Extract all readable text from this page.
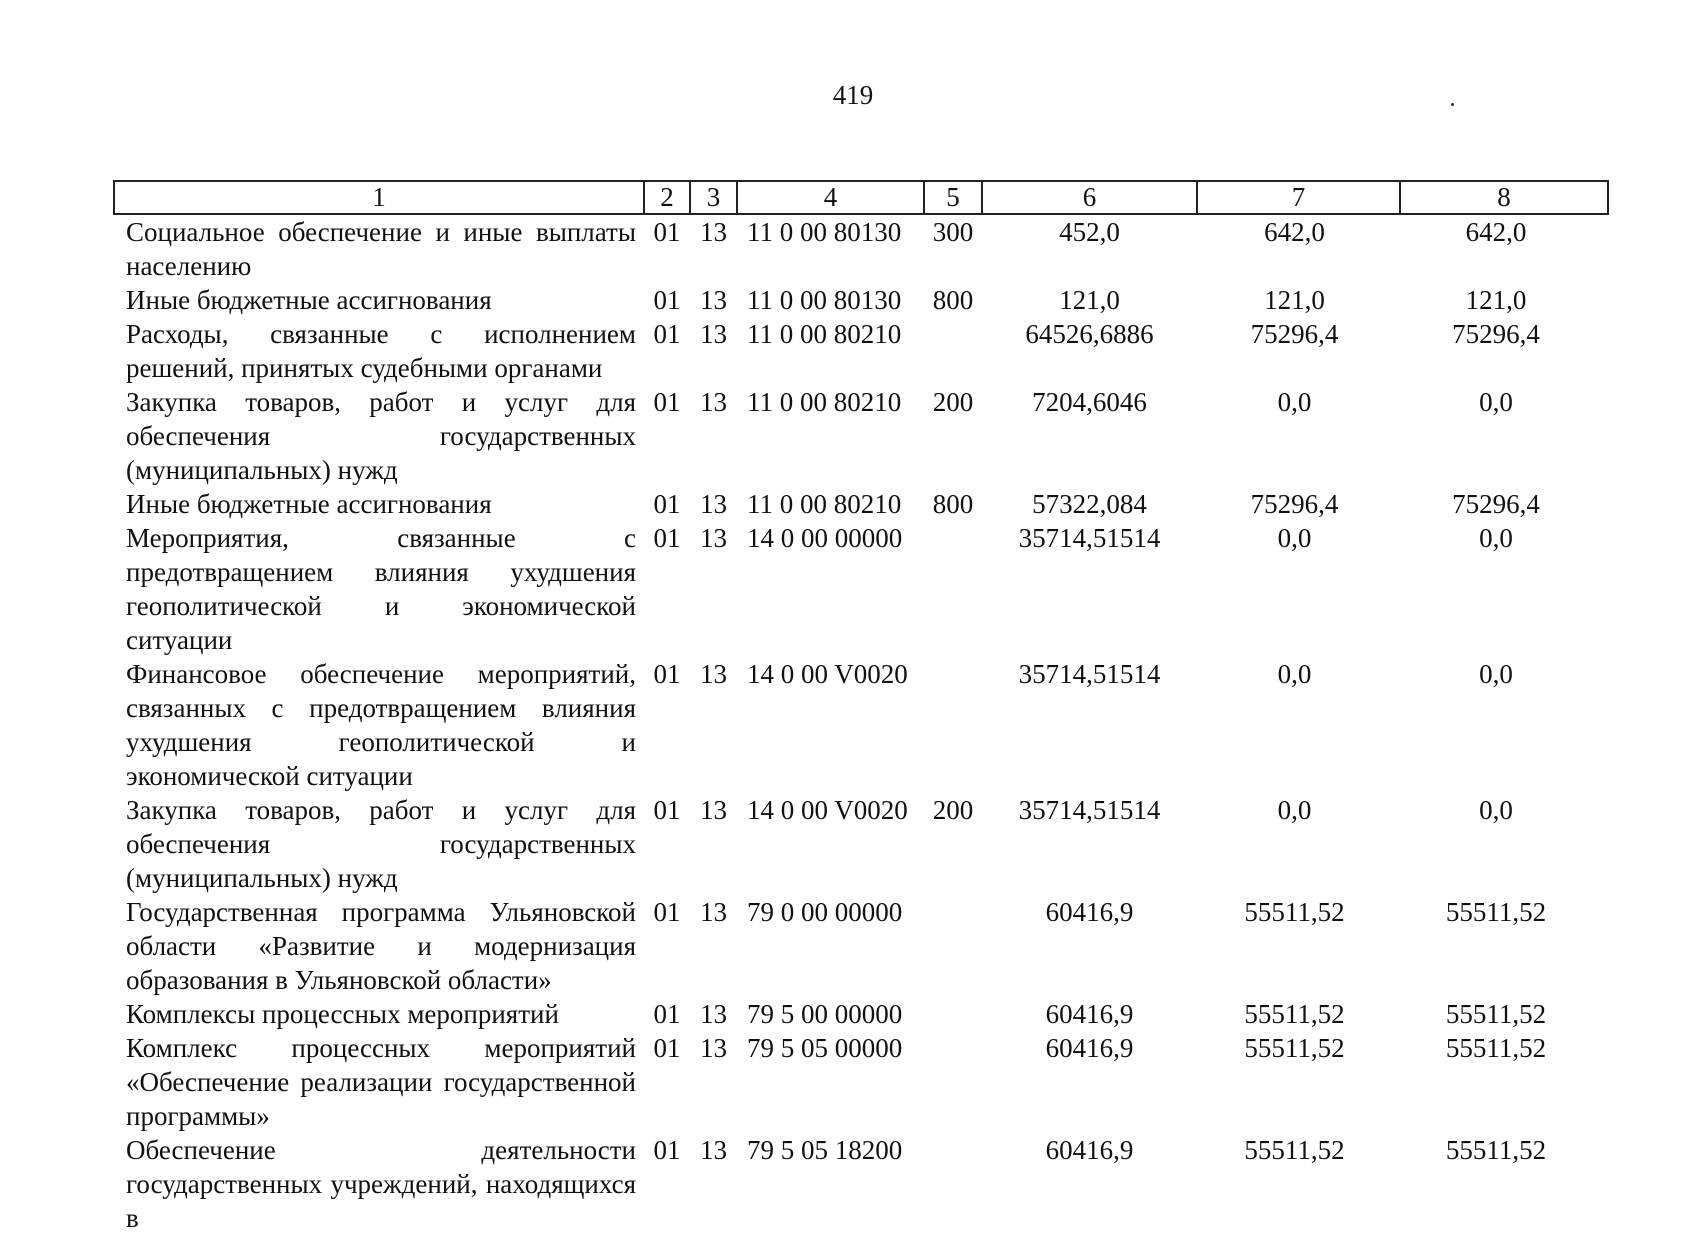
419
1	2	3	4	5	6	7	8
Социальное обеспечение и иные выплаты населению	01	13	11 0 00 80130	300	452,0	642,0	642,0
Иные бюджетные ассигнования	01	13	11 0 00 80130	800	121,0	121,0	121,0
Расходы, связанные с исполнением решений, принятых судебными органами	01	13	11 0 00 80210		64526,6886	75296,4	75296,4
Закупка товаров, работ и услуг для обеспечения государственных (муниципальных) нужд	01	13	11 0 00 80210	200	7204,6046	0,0	0,0
Иные бюджетные ассигнования	01	13	11 0 00 80210	800	57322,084	75296,4	75296,4
Мероприятия, связанные с предотвращением влияния ухудшения геополитической и экономической ситуации	01	13	14 0 00 00000		35714,51514	0,0	0,0
Финансовое обеспечение мероприятий, связанных с предотвращением влияния ухудшения геополитической и экономической ситуации	01	13	14 0 00 V0020		35714,51514	0,0	0,0
Закупка товаров, работ и услуг для обеспечения государственных (муниципальных) нужд	01	13	14 0 00 V0020	200	35714,51514	0,0	0,0
Государственная программа Ульяновской области «Развитие и модернизация образования в Ульяновской области»	01	13	79 0 00 00000		60416,9	55511,52	55511,52
Комплексы процессных мероприятий	01	13	79 5 00 00000		60416,9	55511,52	55511,52
Комплекс процессных мероприятий «Обеспечение реализации государственной программы»	01	13	79 5 05 00000		60416,9	55511,52	55511,52
Обеспечение деятельности государственных учреждений, находящихся в	01	13	79 5 05 18200		60416,9	55511,52	55511,52
